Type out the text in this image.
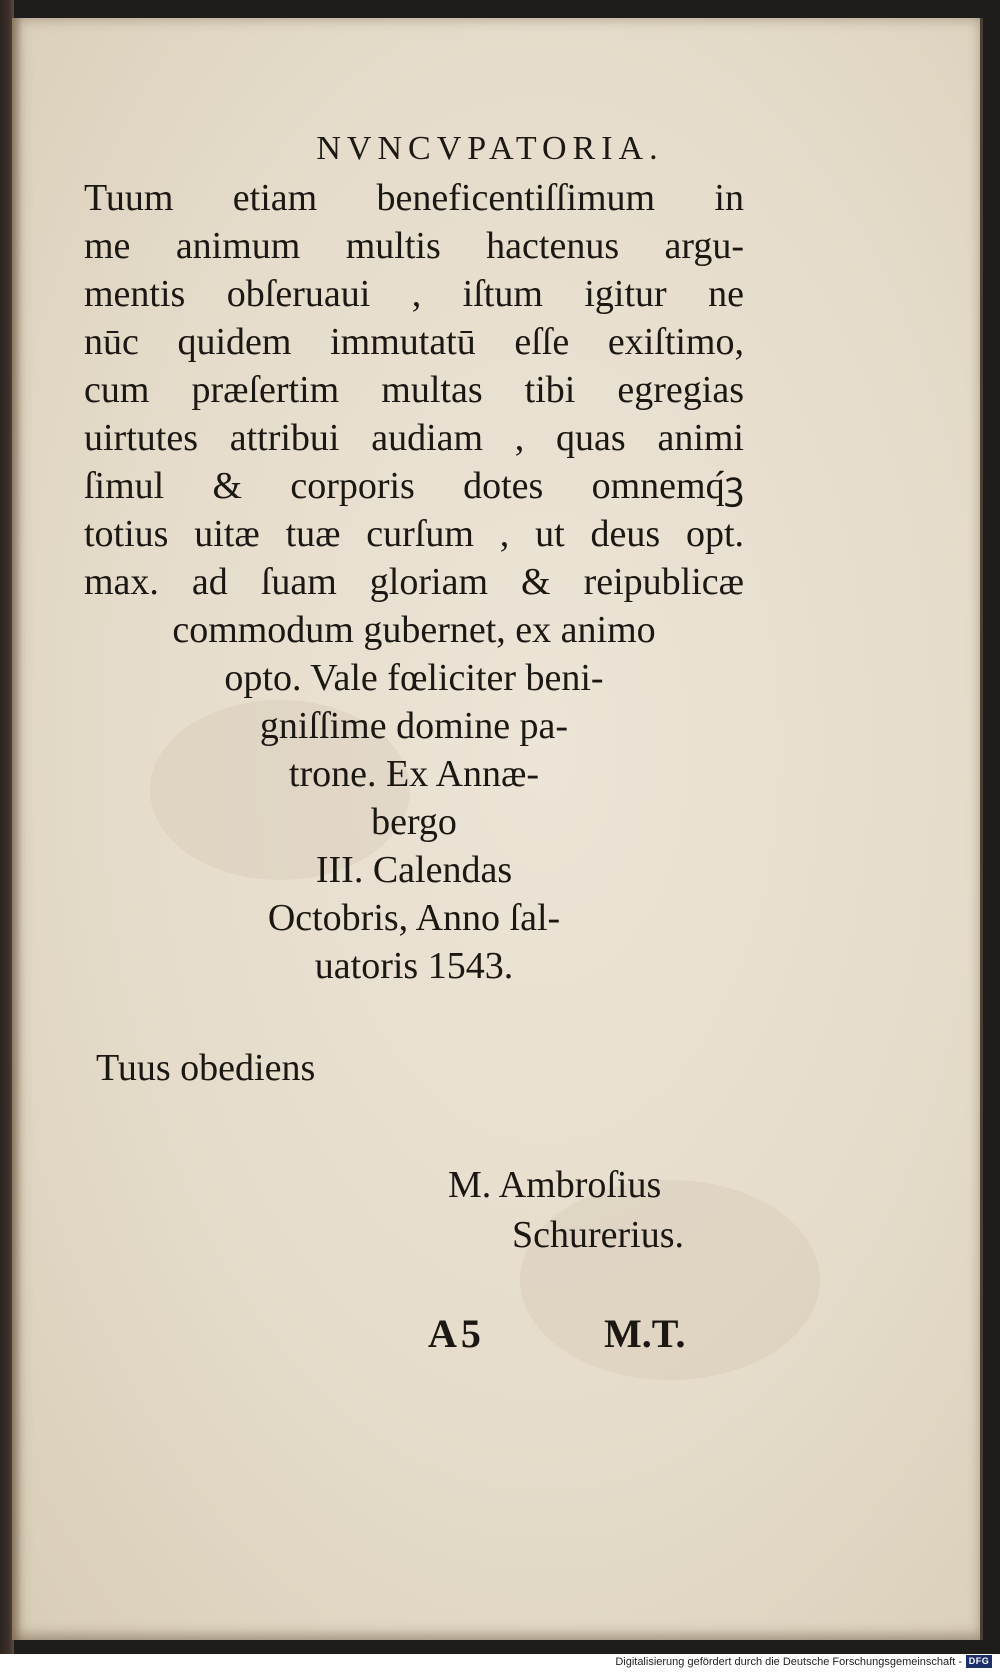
NVNCVPATORIA.
Tuum etiam beneficentiſſimum in
me animum multis hactenus argu-
mentis obſeruaui , iſtum igitur ne
nūc quidem immutatū eſſe exiſtimo,
cum præſertim multas tibi egregias
uirtutes attribui audiam , quas animi
ſimul & corporis dotes omnemq́ꝫ
totius uitæ tuæ curſum , ut deus opt.
max. ad ſuam gloriam & reipublicæ
commodum gubernet, ex animo
opto. Vale fœliciter beni-
gniſſime domine pa-
trone. Ex Annæ-
bergo
III. Calendas
Octobris, Anno ſal-
uatoris 1543.
Tuus obediens
M. Ambroſius
Schurerius.
A5	M.T.
Digitalisierung gefördert durch die Deutsche Forschungsgemeinschaft - DFG
